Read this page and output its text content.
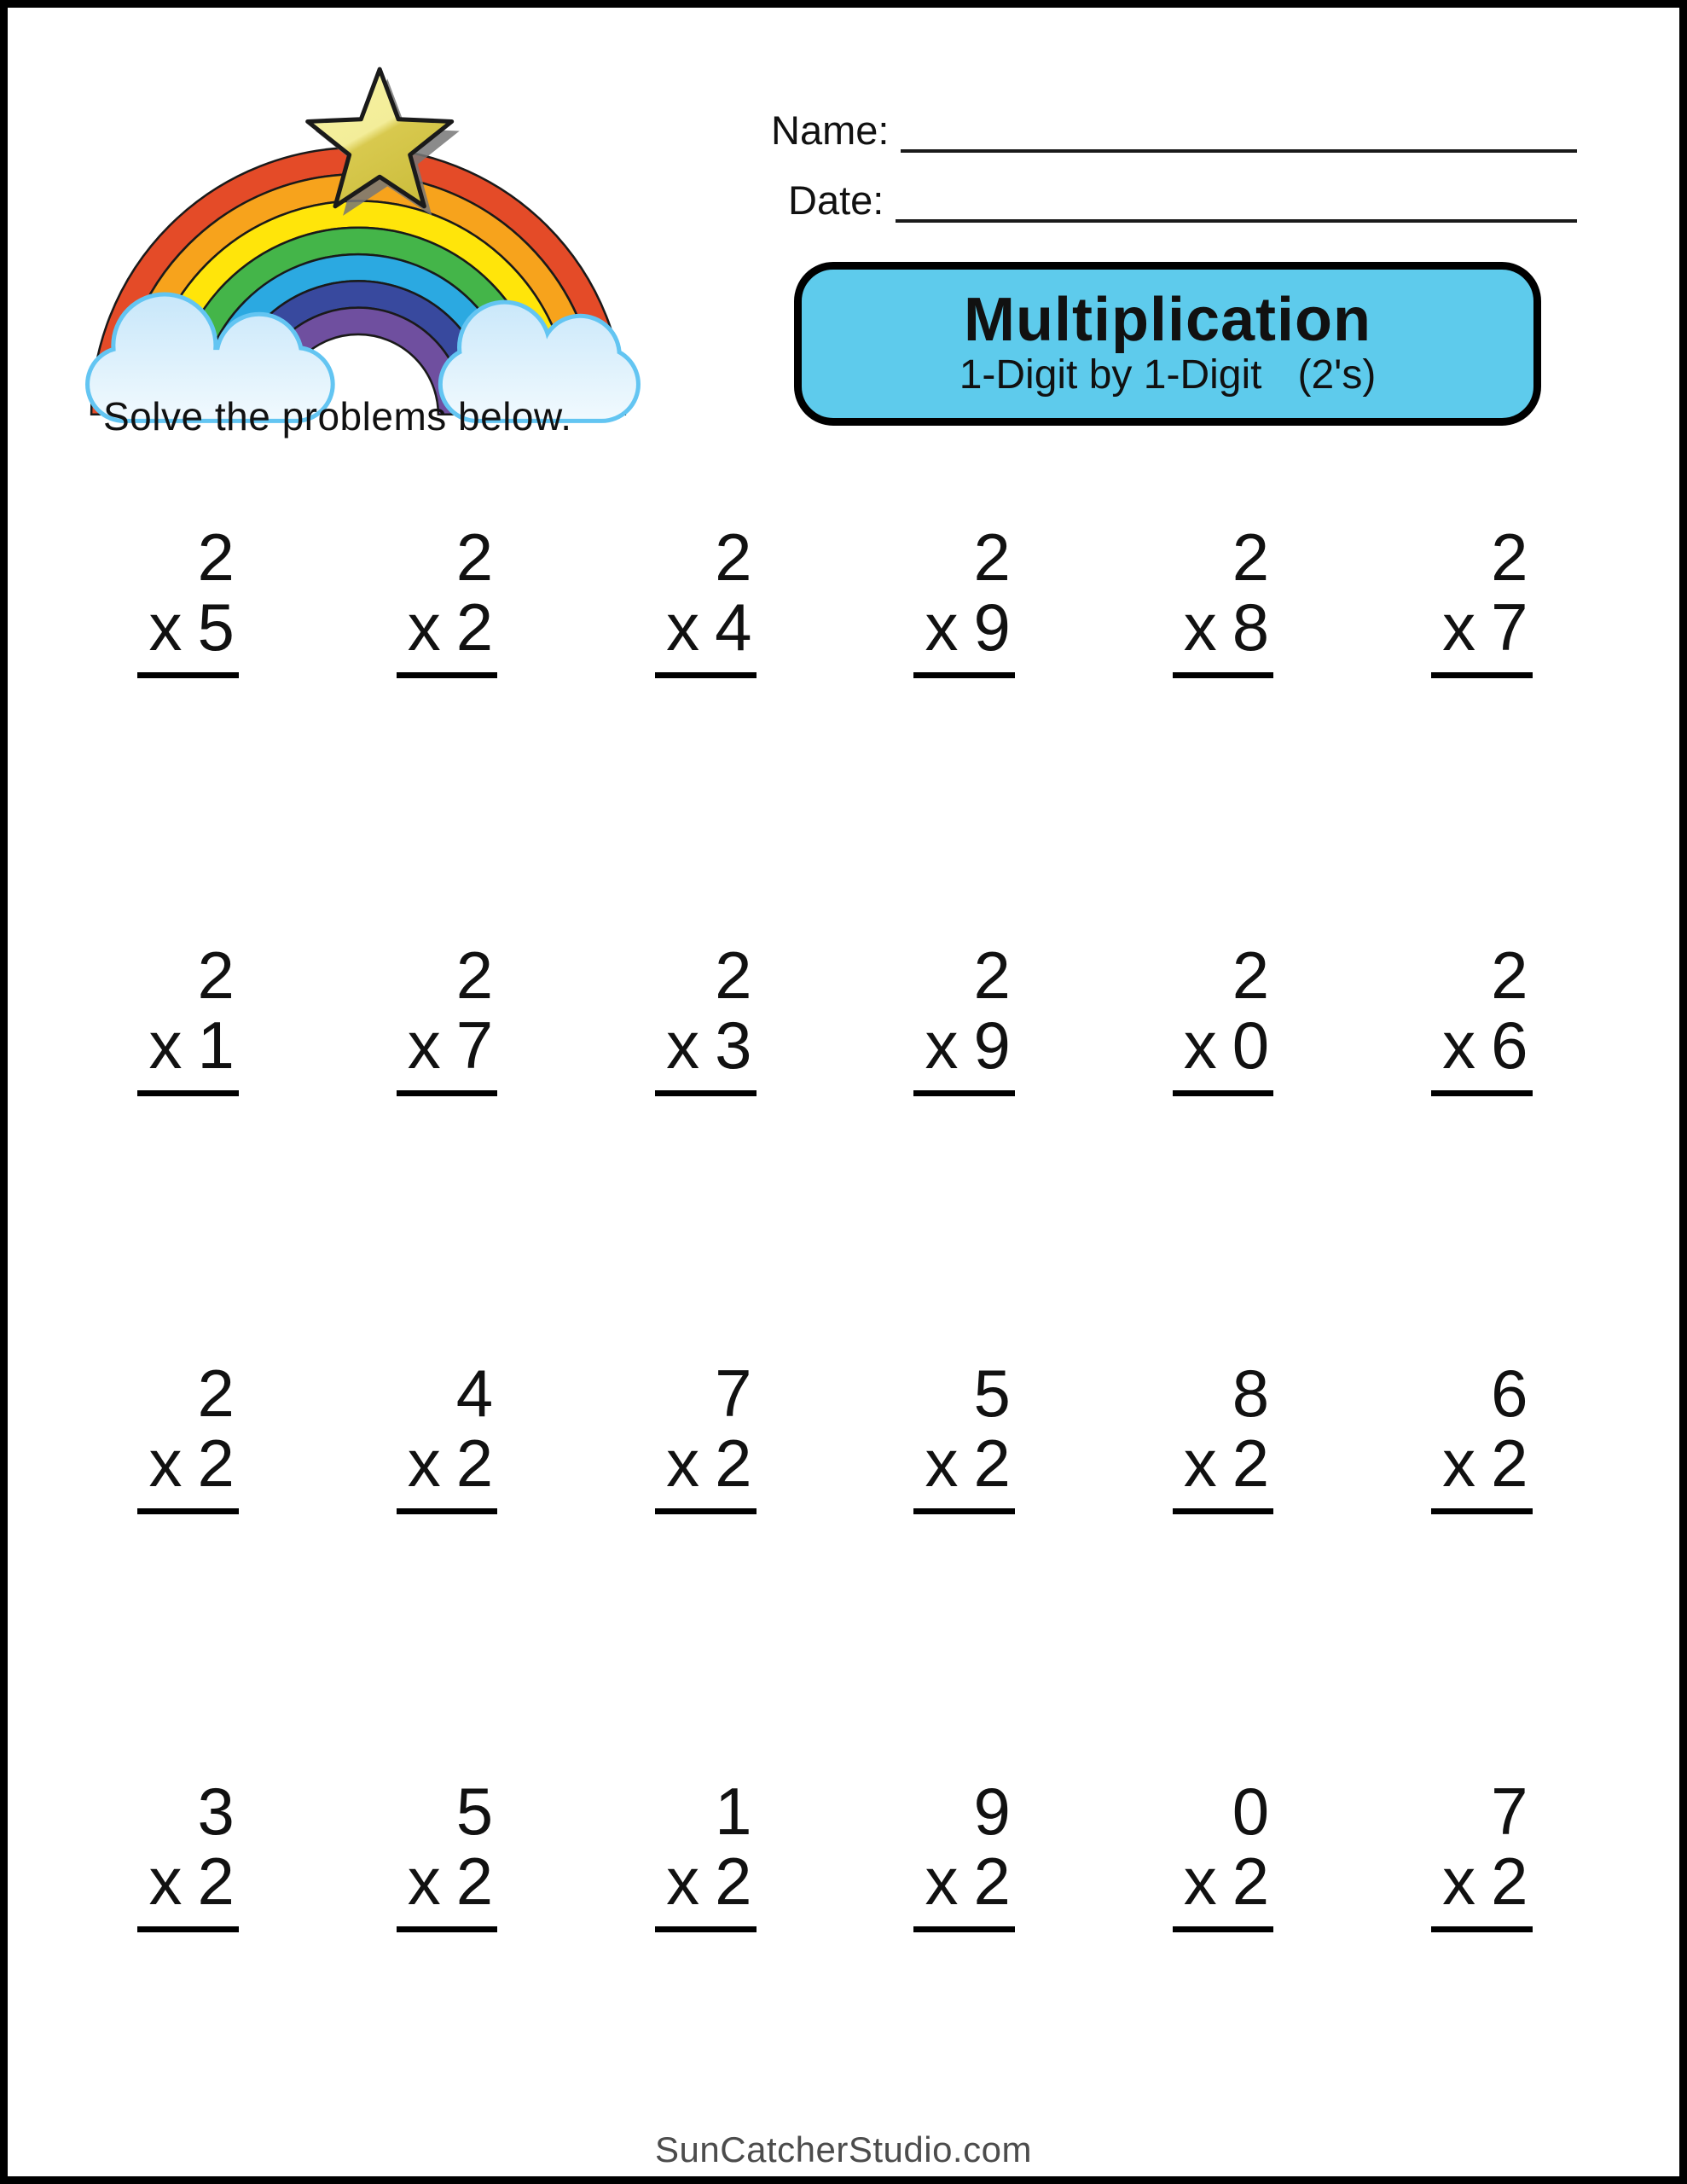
Solve the problems below.
Name:
Date:
Multiplication
1-Digit by 1-Digit (2's)
2
x 5
2
x 2
2
x 4
2
x 9
2
x 8
2
x 7
2
x 1
2
x 7
2
x 3
2
x 9
2
x 0
2
x 6
2
x 2
4
x 2
7
x 2
5
x 2
8
x 2
6
x 2
3
x 2
5
x 2
1
x 2
9
x 2
0
x 2
7
x 2
SunCatcherStudio.com
